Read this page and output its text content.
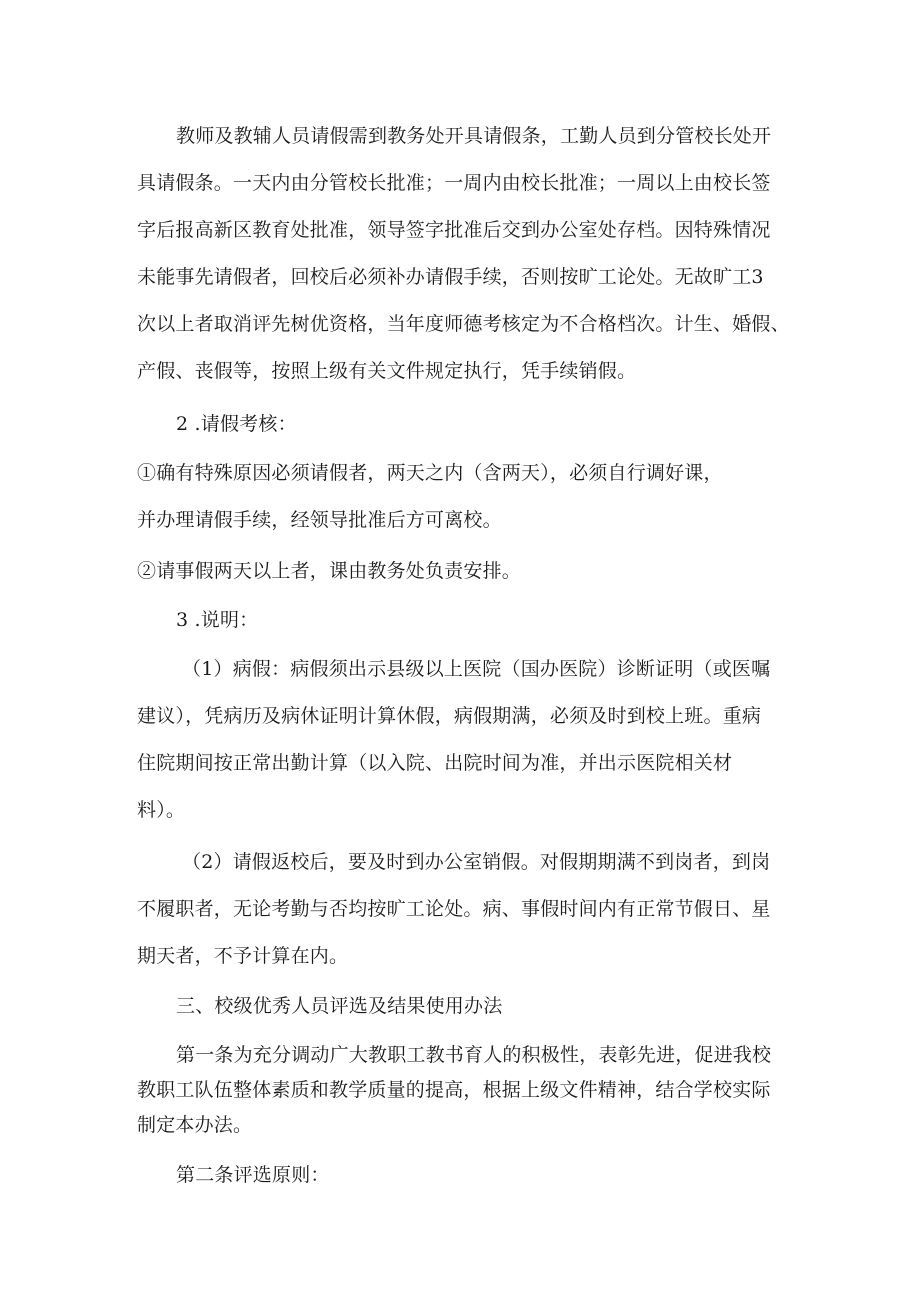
教师及教辅人员请假需到教务处开具请假条，工勤人员到分管校长处开
具请假条。一天内由分管校长批准；一周内由校长批准；一周以上由校长签
字后报高新区教育处批准，领导签字批准后交到办公室处存档。因特殊情况
未能事先请假者，回校后必须补办请假手续，否则按旷工论处。无故旷工3
次以上者取消评先树优资格，当年度师德考核定为不合格档次。计生、婚假、
产假、丧假等，按照上级有关文件规定执行，凭手续销假。
2 .请假考核：
①确有特殊原因必须请假者，两天之内（含两天），必须自行调好课，
并办理请假手续，经领导批准后方可离校。
②请事假两天以上者，课由教务处负责安排。
3 .说明：
（1）病假：病假须出示县级以上医院（国办医院）诊断证明（或医嘱
建议），凭病历及病休证明计算休假，病假期满，必须及时到校上班。重病
住院期间按正常出勤计算（以入院、出院时间为准，并出示医院相关材
料）。
（2）请假返校后，要及时到办公室销假。对假期期满不到岗者，到岗
不履职者，无论考勤与否均按旷工论处。病、事假时间内有正常节假日、星
期天者，不予计算在内。
三、校级优秀人员评选及结果使用办法
第一条为充分调动广大教职工教书育人的积极性，表彰先进，促进我校
教职工队伍整体素质和教学质量的提高，根据上级文件精神，结合学校实际
制定本办法。
第二条评选原则：
